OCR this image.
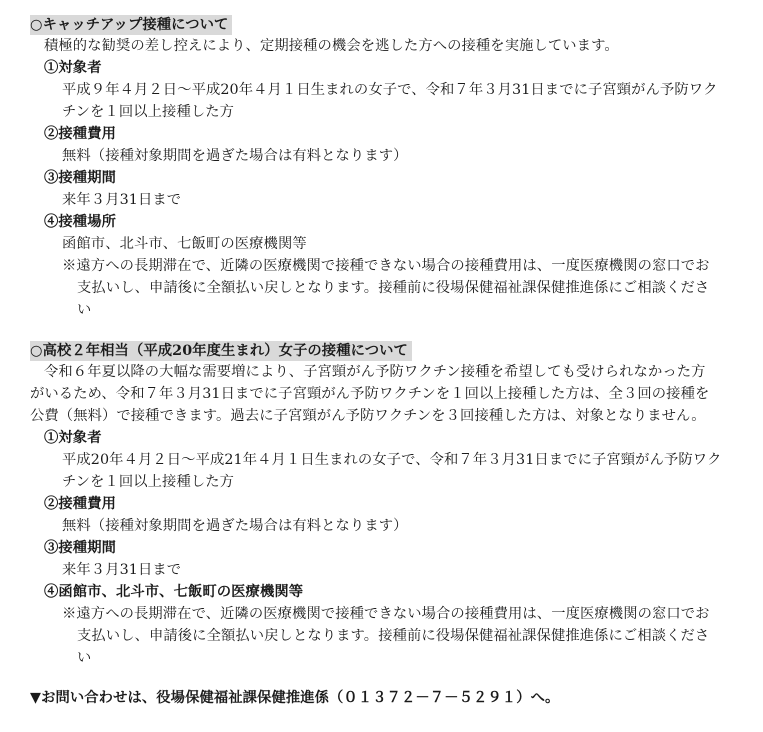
○キャッチアップ接種について
積極的な勧奨の差し控えにより、定期接種の機会を逃した方への接種を実施しています。
①対象者
平成９年４月２日～平成20年４月１日生まれの女子で、令和７年３月31日までに子宮頸がん予防ワク
チンを１回以上接種した方
②接種費用
無料（接種対象期間を過ぎた場合は有料となります）
③接種期間
来年３月31日まで
④接種場所
函館市、北斗市、七飯町の医療機関等
※遠方への長期滞在で、近隣の医療機関で接種できない場合の接種費用は、一度医療機関の窓口でお
支払いし、申請後に全額払い戻しとなります。接種前に役場保健福祉課保健推進係にご相談くださ
い
○高校２年相当（平成20年度生まれ）女子の接種について
令和６年夏以降の大幅な需要増により、子宮頸がん予防ワクチン接種を希望しても受けられなかった方
がいるため、令和７年３月31日までに子宮頸がん予防ワクチンを１回以上接種した方は、全３回の接種を
公費（無料）で接種できます。過去に子宮頸がん予防ワクチンを３回接種した方は、対象となりません。
①対象者
平成20年４月２日～平成21年４月１日生まれの女子で、令和７年３月31日までに子宮頸がん予防ワク
チンを１回以上接種した方
②接種費用
無料（接種対象期間を過ぎた場合は有料となります）
③接種期間
来年３月31日まで
④函館市、北斗市、七飯町の医療機関等
※遠方への長期滞在で、近隣の医療機関で接種できない場合の接種費用は、一度医療機関の窓口でお
支払いし、申請後に全額払い戻しとなります。接種前に役場保健福祉課保健推進係にご相談くださ
い
▼お問い合わせは、役場保健福祉課保健推進係（０１３７２－７－５２９１）へ。
